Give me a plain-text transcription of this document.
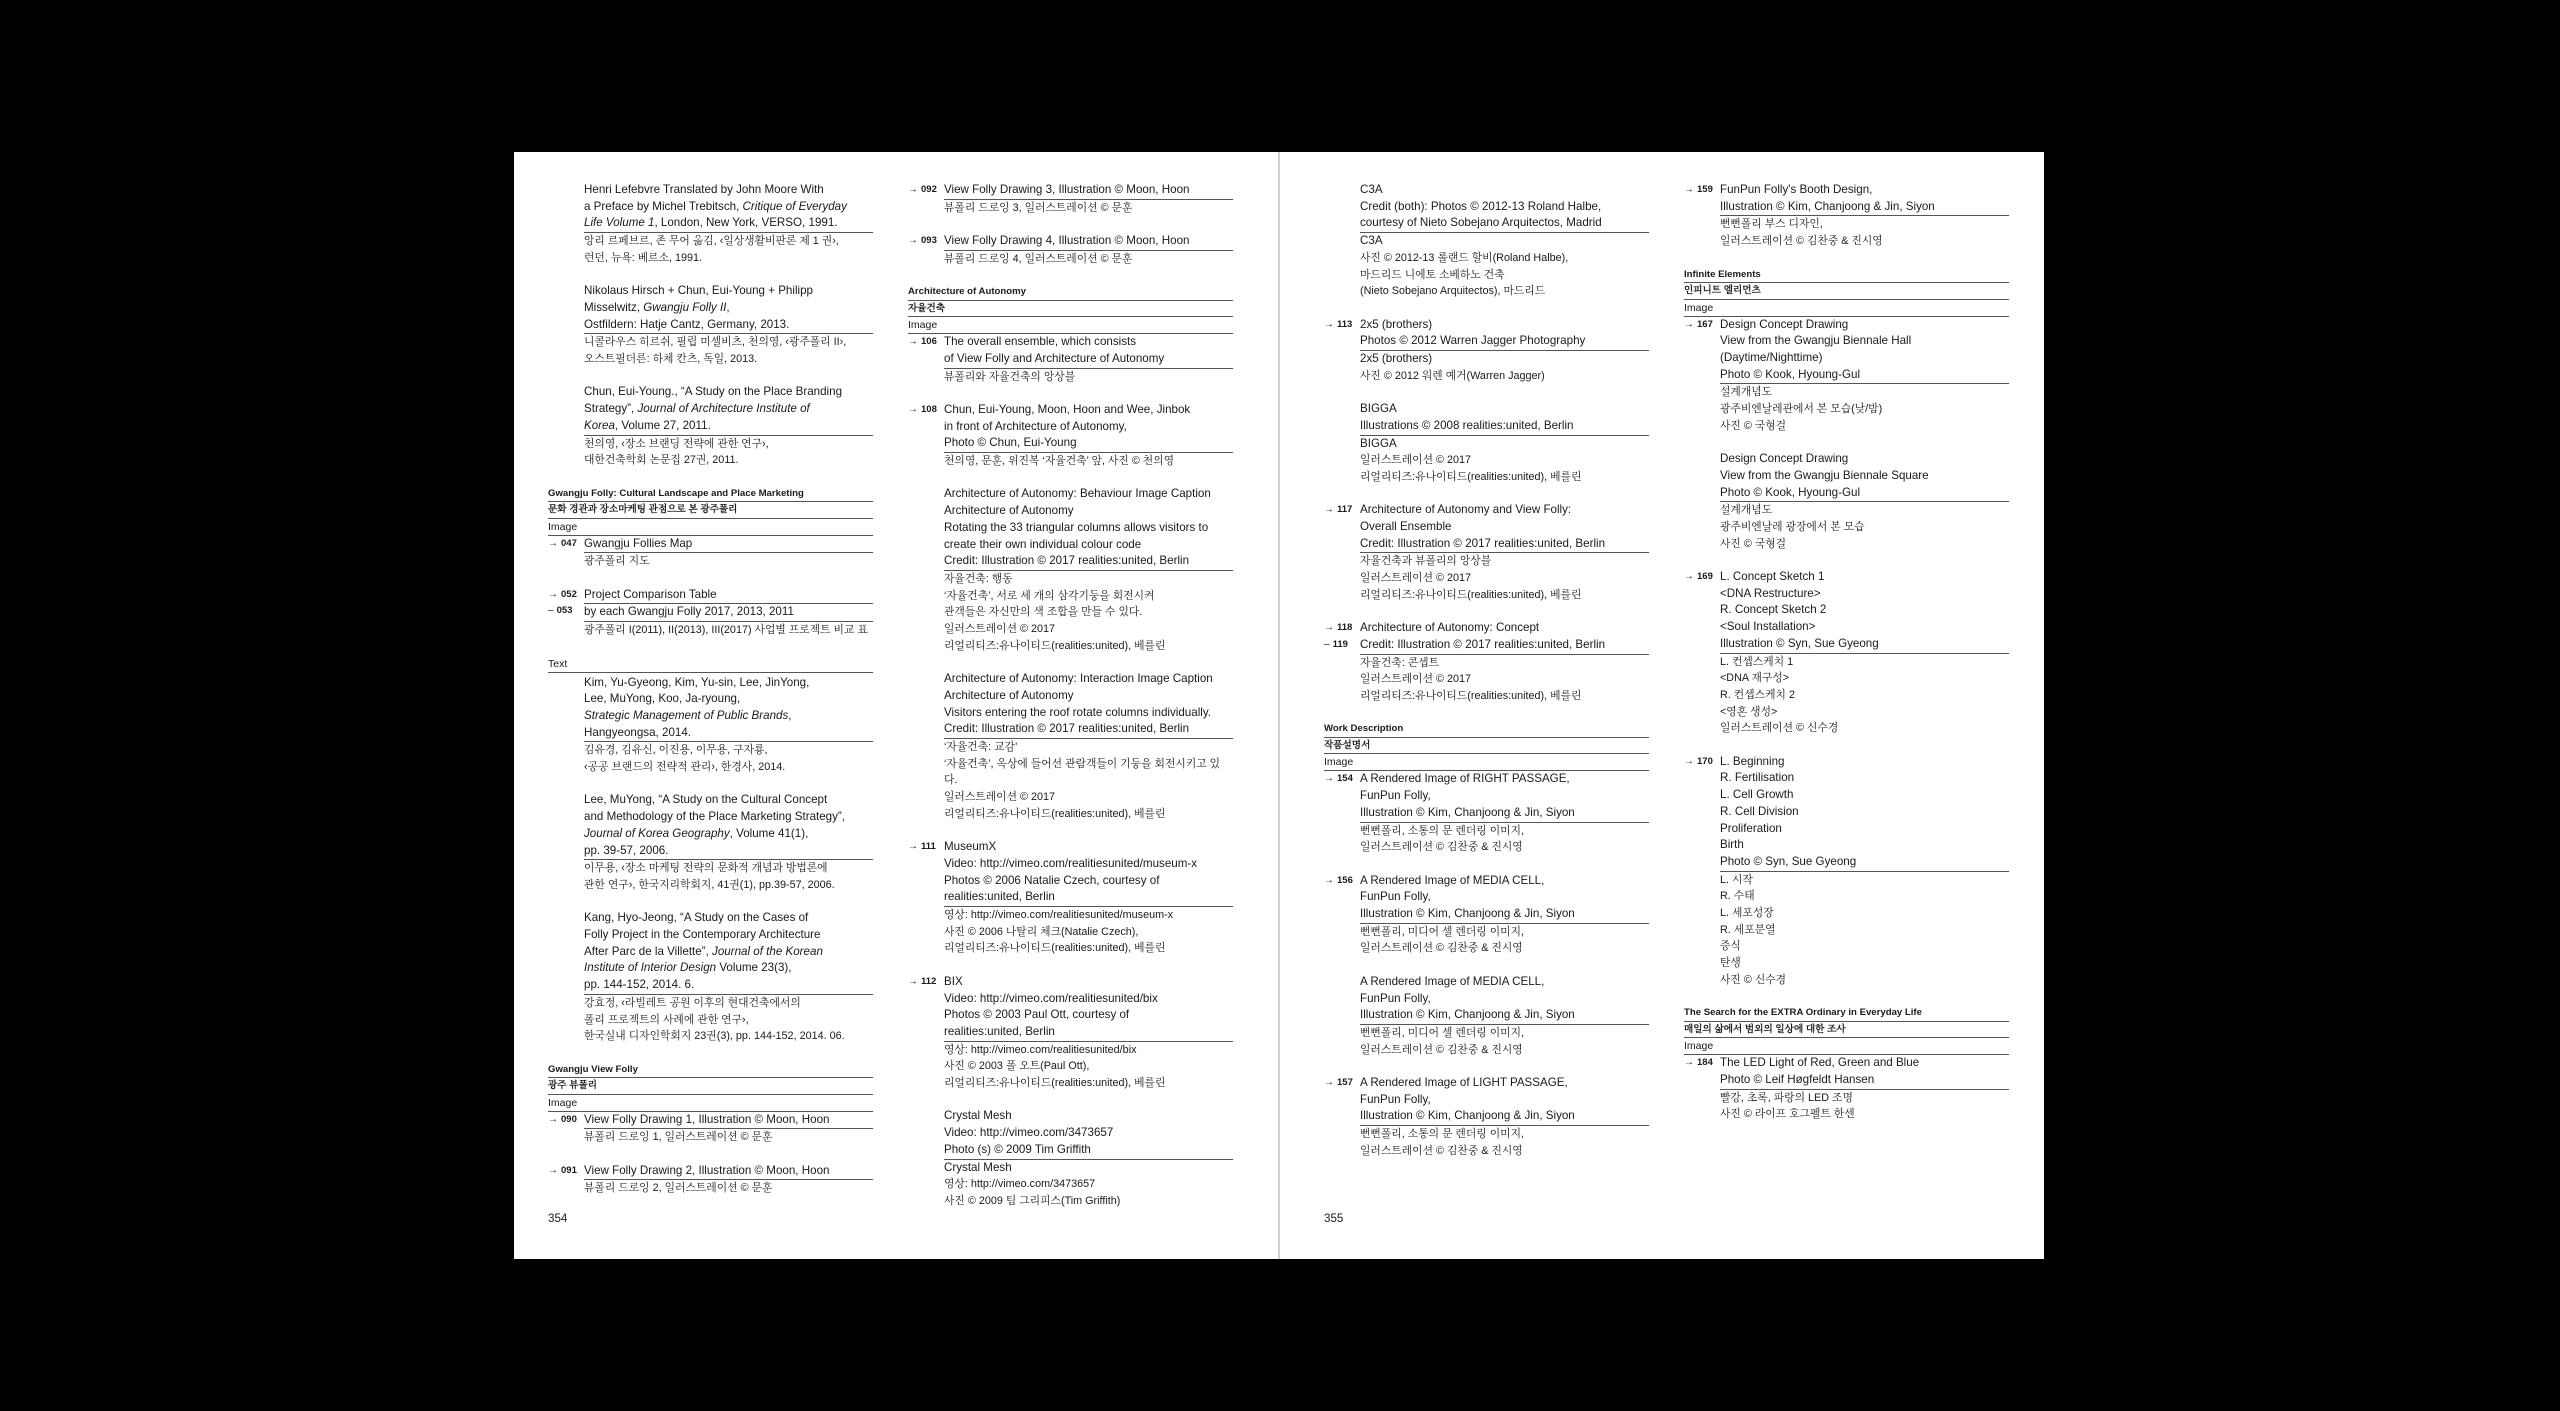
Henri Lefebvre Translated by John Moore With
a Preface by Michel Trebitsch, Critique of Everyday
Life Volume 1, London, New York, VERSO, 1991.
앙리 르페브르, 존 무어 옮김, ‹일상생활비판론 제 1 권›,
런던, 뉴욕: 베르소, 1991.
Nikolaus Hirsch + Chun, Eui-Young + Philipp
Misselwitz, Gwangju Folly II,
Ostfildern: Hatje Cantz, Germany, 2013.
니콜라우스 히르쉬, 필립 미셀비츠, 천의영, ‹광주폴리 II›,
오스트필더른: 하체 칸츠, 독일, 2013.
Chun, Eui-Young., “A Study on the Place Branding
Strategy”, Journal of Architecture Institute of
Korea, Volume 27, 2011.
천의영, ‹장소 브랜딩 전략에 관한 연구›,
대한건축학회 논문집 27권, 2011.
Gwangju Folly: Cultural Landscape and Place Marketing
문화 경관과 장소마케팅 관점으로 본 광주폴리
Image
→ 047 Gwangju Follies Map
광주폴리 지도
→ 052 Project Comparison Table
– 053 by each Gwangju Folly 2017, 2013, 2011
광주폴리 I(2011), II(2013), III(2017) 사업별 프로젝트 비교 표
Text
Kim, Yu-Gyeong, Kim, Yu-sin, Lee, JinYong,
Lee, MuYong, Koo, Ja-ryoung,
Strategic Management of Public Brands,
Hangyeongsa, 2014.
김유경, 김유신, 이진용, 이무용, 구자룡,
‹공공 브랜드의 전략적 관리›, 한경사, 2014.
Lee, MuYong, “A Study on the Cultural Concept
and Methodology of the Place Marketing Strategy”,
Journal of Korea Geography, Volume 41(1),
pp. 39-57, 2006.
이무용, ‹장소 마케팅 전략의 문화적 개념과 방법론에
관한 연구›, 한국지리학회지, 41권(1), pp.39-57, 2006.
Kang, Hyo-Jeong, “A Study on the Cases of
Folly Project in the Contemporary Architecture
After Parc de la Villette”, Journal of the Korean
Institute of Interior Design Volume 23(3),
pp. 144-152, 2014. 6.
강효정, ‹라빌레트 공원 이후의 현대건축에서의
폴리 프로젝트의 사례에 관한 연구›,
한국실내 디자인학회지 23권(3), pp. 144-152, 2014. 06.
Gwangju View Folly
광주 뷰폴리
Image
→ 090 View Folly Drawing 1, Illustration © Moon, Hoon
뷰폴리 드로잉 1, 일러스트레이션 © 문훈
→ 091 View Folly Drawing 2, Illustration © Moon, Hoon
뷰폴리 드로잉 2, 일러스트레이션 © 문훈
→ 092 View Folly Drawing 3, Illustration © Moon, Hoon
뷰폴리 드로잉 3, 일러스트레이션 © 문훈
→ 093 View Folly Drawing 4, Illustration © Moon, Hoon
뷰폴리 드로잉 4, 일러스트레이션 © 문훈
Architecture of Autonomy
자율건축
Image
→ 106 The overall ensemble, which consists
of View Folly and Architecture of Autonomy
뷰폴리와 자율건축의 앙상블
→ 108 Chun, Eui-Young, Moon, Hoon and Wee, Jinbok
in front of Architecture of Autonomy,
Photo © Chun, Eui-Young
천의영, 문훈, 위진복 ‘자율건축’ 앞, 사진 © 천의영
Architecture of Autonomy: Behaviour Image Caption
Architecture of Autonomy
Rotating the 33 triangular columns allows visitors to
create their own individual colour code
Credit: Illustration © 2017 realities:united, Berlin
자율건축: 행동
‘자율건축’, 서로 세 개의 삼각기둥을 회전시켜
관객들은 자신만의 색 조합을 만들 수 있다.
일러스트레이션 © 2017
리얼리티즈:유나이티드(realities:united), 베를린
Architecture of Autonomy: Interaction Image Caption
Architecture of Autonomy
Visitors entering the roof rotate columns individually.
Credit: Illustration © 2017 realities:united, Berlin
‘자율건축: 교감’
‘자율건축’, 옥상에 들어선 관람객들이 기둥을 회전시키고 있다.
일러스트레이션 © 2017
리얼리티즈:유나이티드(realities:united), 베를린
→ 111 MuseumX
Video: http://vimeo.com/realitiesunited/museum-x
Photos © 2006 Natalie Czech, courtesy of
realities:united, Berlin
영상: http://vimeo.com/realitiesunited/museum-x
사진 © 2006 나탈리 체크(Natalie Czech),
리얼리티즈:유나이티드(realities:united), 베를린
→ 112 BIX
Video: http://vimeo.com/realitiesunited/bix
Photos © 2003 Paul Ott, courtesy of
realities:united, Berlin
영상: http://vimeo.com/realitiesunited/bix
사진 © 2003 폴 오트(Paul Ott),
리얼리티즈:유나이티드(realities:united), 베를린
Crystal Mesh
Video: http://vimeo.com/3473657
Photo (s) © 2009 Tim Griffith
Crystal Mesh
영상: http://vimeo.com/3473657
사진 © 2009 팀 그리피스(Tim Griffith)
354
C3A
Credit (both): Photos © 2012-13 Roland Halbe,
courtesy of Nieto Sobejano Arquitectos, Madrid
C3A
사진 © 2012-13 롤랜드 할비(Roland Halbe),
마드리드 니에토 소베하노 건축
(Nieto Sobejano Arquitectos), 마드리드
→ 113 2x5 (brothers)
Photos © 2012 Warren Jagger Photography
2x5 (brothers)
사진 © 2012 워렌 예거(Warren Jagger)
BIGGA
Illustrations © 2008 realities:united, Berlin
BIGGA
일러스트레이션 © 2017
리얼리티즈:유나이티드(realities:united), 베를린
→ 117 Architecture of Autonomy and View Folly:
Overall Ensemble
Credit: Illustration © 2017 realities:united, Berlin
자율건축과 뷰폴리의 앙상블
일러스트레이션 © 2017
리얼리티즈:유나이티드(realities:united), 베를린
→ 118 Architecture of Autonomy: Concept
– 119	Credit: Illustration © 2017 realities:united, Berlin
자율건축: 콘셉트
일러스트레이션 © 2017
리얼리티즈:유나이티드(realities:united), 베를린
Work Description
작품설명서
Image
→ 154 A Rendered Image of RIGHT PASSAGE,
FunPun Folly,
Illustration © Kim, Chanjoong & Jin, Siyon
뻔뻔폴리, 소통의 문 렌더링 이미지,
일러스트레이션 © 김찬중 & 진시영
→ 156 A Rendered Image of MEDIA CELL,
FunPun Folly,
Illustration © Kim, Chanjoong & Jin, Siyon
뻔뻔폴리, 미디어 셀 렌더링 이미지,
일러스트레이션 © 김찬중 & 진시영
A Rendered Image of MEDIA CELL,
FunPun Folly,
Illustration © Kim, Chanjoong & Jin, Siyon
뻔뻔폴리, 미디어 셀 렌더링 이미지,
일러스트레이션 © 김찬중 & 진시영
→ 157 A Rendered Image of LIGHT PASSAGE,
FunPun Folly,
Illustration © Kim, Chanjoong & Jin, Siyon
뻔뻔폴리, 소통의 문 렌더링 이미지,
일러스트레이션 © 김찬중 & 진시영
→ 159 FunPun Folly's Booth Design,
Illustration © Kim, Chanjoong & Jin, Siyon
뻔뻔폴리 부스 디자인,
일러스트레이션 © 김찬중 & 진시영
Infinite Elements
인피니트 엘리먼츠
Image
→ 167 Design Concept Drawing
View from the Gwangju Biennale Hall
(Daytime/Nighttime)
Photo © Kook, Hyoung-Gul
설계개념도
광주비엔날레관에서 본 모습(낮/밤)
사진 © 국형걸
Design Concept Drawing
View from the Gwangju Biennale Square
Photo © Kook, Hyoung-Gul
설계개념도
광주비엔날레 광장에서 본 모습
사진 © 국형걸
→ 169 L. Concept Sketch 1
<DNA Restructure>
R. Concept Sketch 2
<Soul Installation>
Illustration © Syn, Sue Gyeong
L. 컨셉스케치 1
<DNA 재구성>
R. 컨셉스케치 2
<영혼 생성>
일러스트레이션 © 신수경
→ 170 L. Beginning
R. Fertilisation
L. Cell Growth
R. Cell Division
Proliferation
Birth
Photo © Syn, Sue Gyeong
L. 시작
R. 수태
L. 세포성장
R. 세포분열
증식
탄생
사진 © 신수경
The Search for the EXTRA Ordinary in Everyday Life
매일의 삶에서 범외의 일상에 대한 조사
Image
→ 184 The LED Light of Red, Green and Blue
Photo © Leif Høgfeldt Hansen
빨강, 초록, 파랑의 LED 조명
사진 © 라이프 호그펠트 한센
355
